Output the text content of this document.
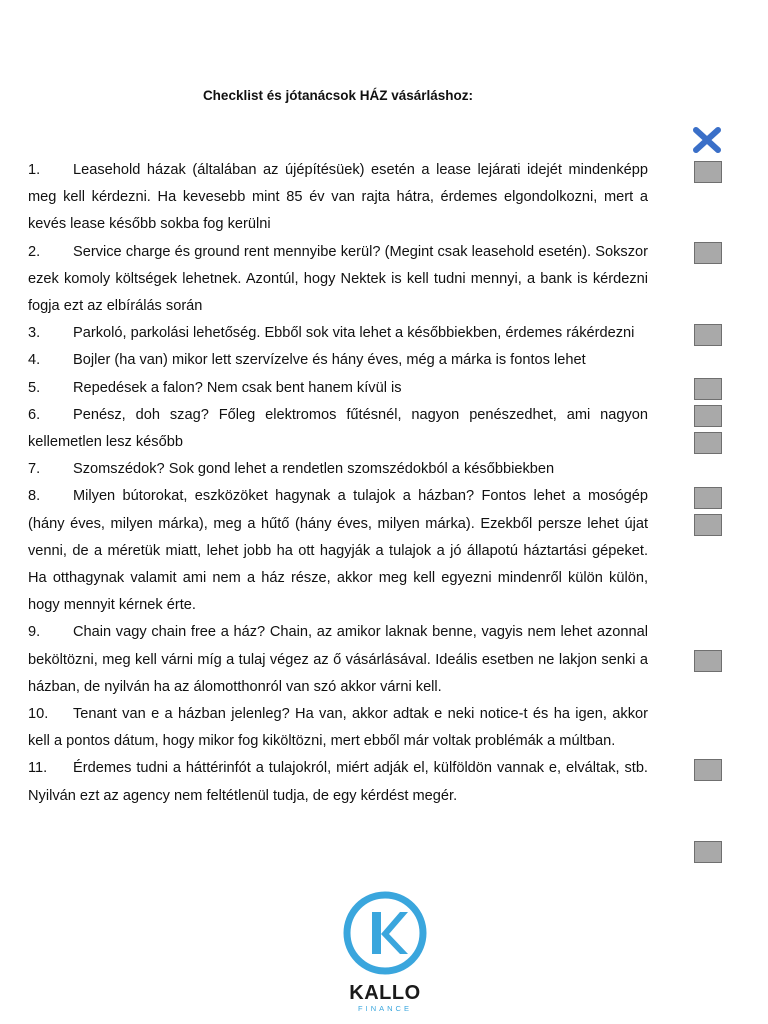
Checklist és jótanácsok HÁZ vásárláshoz:
1. Leasehold házak (általában az újépítésüek) esetén a lease lejárati idejét mindenképp meg kell kérdezni. Ha kevesebb mint 85 év van rajta hátra, érdemes elgondolkozni, mert a kevés lease később sokba fog kerülni
2. Service charge és ground rent mennyibe kerül? (Megint csak leasehold esetén). Sokszor ezek komoly költségek lehetnek. Azontúl, hogy Nektek is kell tudni mennyi, a bank is kérdezni fogja ezt az elbírálás során
3. Parkoló, parkolási lehetőség. Ebből sok vita lehet a későbbiekben, érdemes rákérdezni
4. Bojler (ha van) mikor lett szervízelve és hány éves, még a márka is fontos lehet
5. Repedések a falon? Nem csak bent hanem kívül is
6. Penész, doh szag? Főleg elektromos fűtésnél, nagyon penészedhet, ami nagyon kellemetlen lesz később
7. Szomszédok? Sok gond lehet a rendetlen szomszédokból a későbbiekben
8. Milyen bútorokat, eszközöket hagynak a tulajok a házban? Fontos lehet a mosógép (hány éves, milyen márka), meg a hűtő (hány éves, milyen márka). Ezekből persze lehet újat venni, de a méretük miatt, lehet jobb ha ott hagyják a tulajok a jó állapotú háztartási gépeket. Ha otthagynak valamit ami nem a ház része, akkor meg kell egyezni mindenről külön külön, hogy mennyit kérnek érte.
9. Chain vagy chain free a ház? Chain, az amikor laknak benne, vagyis nem lehet azonnal beköltözni, meg kell várni míg a tulaj végez az ő vásárlásával. Ideális esetben ne lakjon senki a házban, de nyilván ha az álomotthonról van szó akkor várni kell.
10. Tenant van e a házban jelenleg? Ha van, akkor adtak e neki notice-t és ha igen, akkor kell a pontos dátum, hogy mikor fog kiköltözni, mert ebből már voltak problémák a múltban.
11. Érdemes tudni a háttérinfót a tulajokról, miért adják el, külföldön vannak e, elváltak, stb. Nyilván ezt az agency nem feltétlenül tudja, de egy kérdést megér.
KALLO
FINANCE
